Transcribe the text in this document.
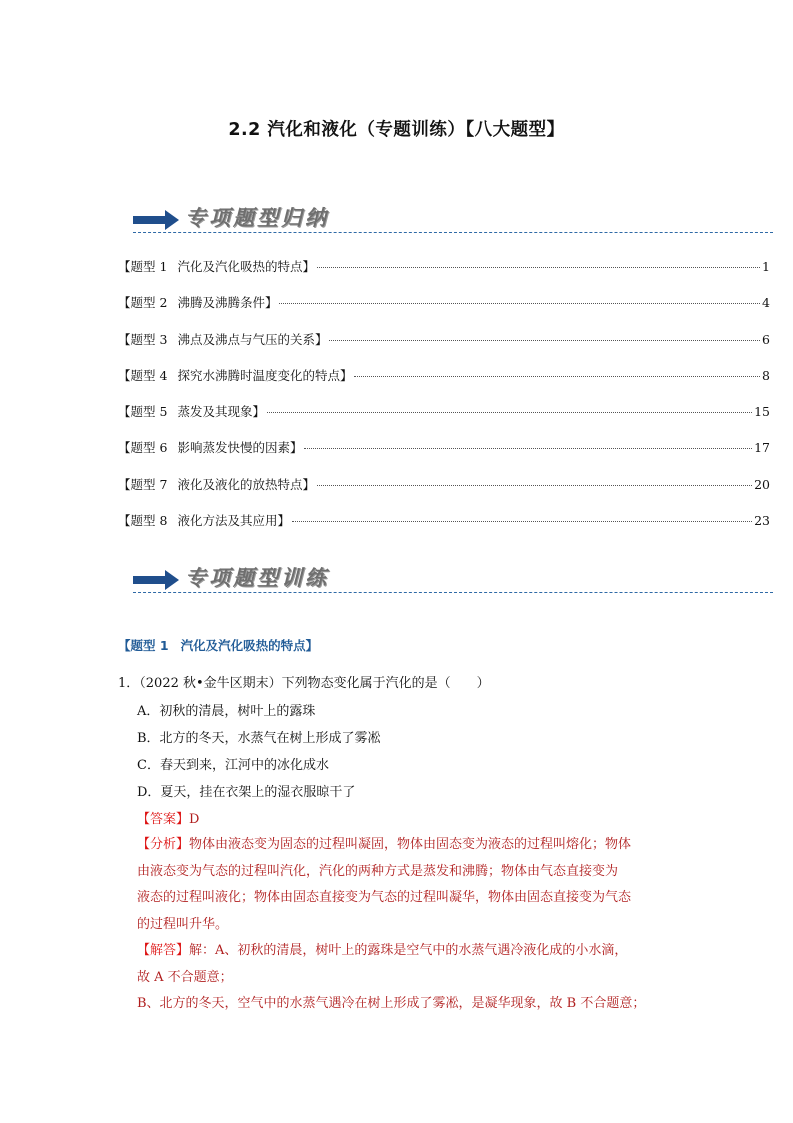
2.2 汽化和液化（专题训练）【八大题型】
专项题型归纳
【题型 1 汽化及汽化吸热的特点】	1
【题型 2 沸腾及沸腾条件】	4
【题型 3 沸点及沸点与气压的关系】	6
【题型 4 探究水沸腾时温度变化的特点】	8
【题型 5 蒸发及其现象】	15
【题型 6 影响蒸发快慢的因素】	17
【题型 7 液化及液化的放热特点】	20
【题型 8 液化方法及其应用】	23
专项题型训练
【题型 1 汽化及汽化吸热的特点】
1．（2022 秋•金牛区期末）下列物态变化属于汽化的是（　　）
A．初秋的清晨，树叶上的露珠
B．北方的冬天，水蒸气在树上形成了雾凇
C．春天到来，江河中的冰化成水
D．夏天，挂在衣架上的湿衣服晾干了
【答案】D
【分析】物体由液态变为固态的过程叫凝固，物体由固态变为液态的过程叫熔化；物体
由液态变为气态的过程叫汽化，汽化的两种方式是蒸发和沸腾；物体由气态直接变为
液态的过程叫液化；物体由固态直接变为气态的过程叫凝华，物体由固态直接变为气态
的过程叫升华。
【解答】解：A、初秋的清晨，树叶上的露珠是空气中的水蒸气遇冷液化成的小水滴，
故 A 不合题意；
B、北方的冬天，空气中的水蒸气遇冷在树上形成了雾凇，是凝华现象，故 B 不合题意；
